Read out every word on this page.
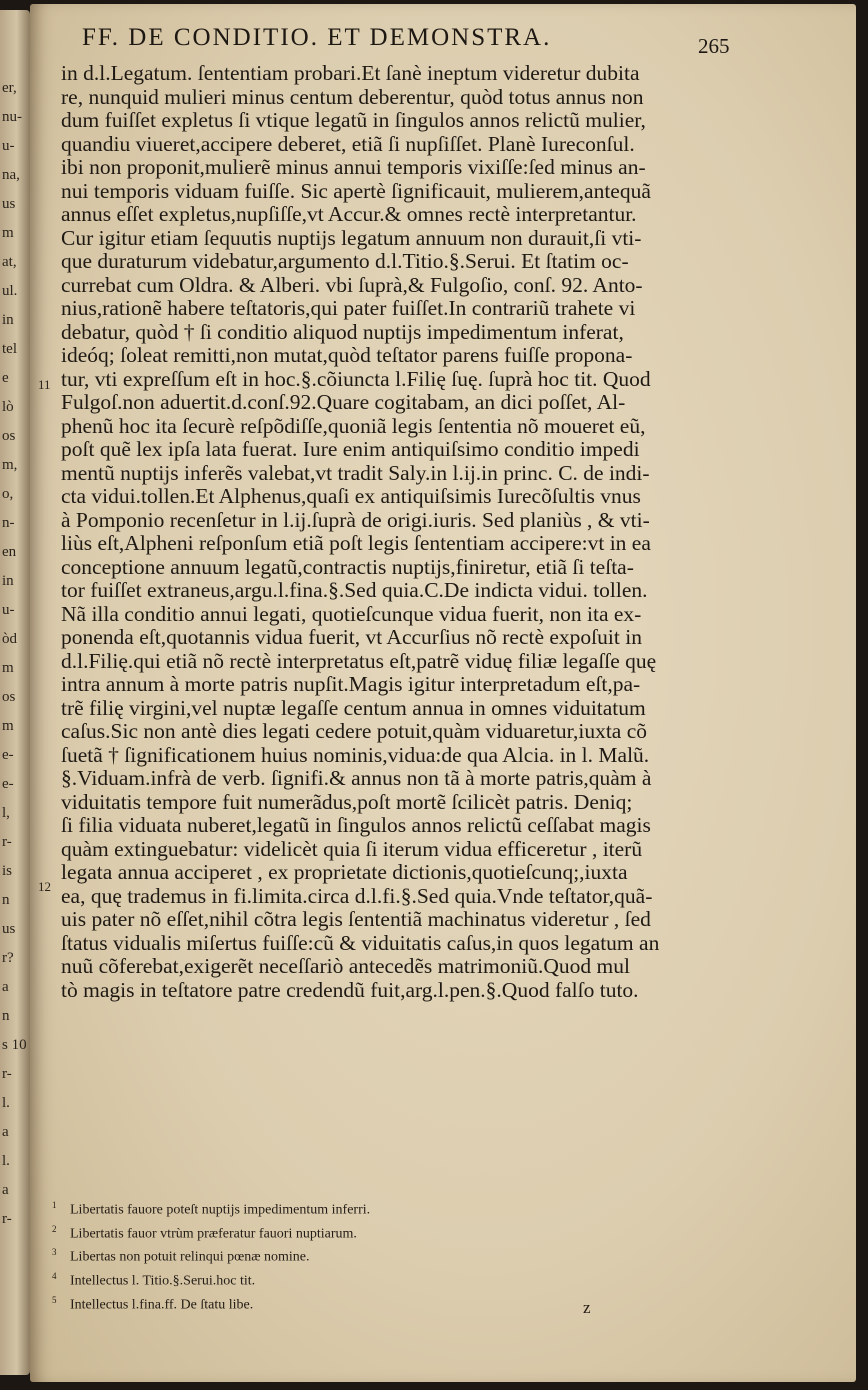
er,
nu-
u-
na,
us
m
at,
ul.
in
tel
e
lò
os
m,
o,
n-
en
in
u-
òd
m
os
m
e-
e-
l,
r-
is
n
us
r?
a
n
s 10
r-
l.
a
l.
a
r-
FF. DE CONDITIO. ET DEMONSTRA.	265
11
12
in d.l.Legatum. ſententiam probari.Et ſanè ineptum videretur dubita
re, nunquid mulieri minus centum deberentur, quòd totus annus non
dum fuiſſet expletus ſi vtique legatũ in ſingulos annos relictũ mulier,
quandiu viueret,accipere deberet, etiã ſi nupſiſſet. Planè Iureconſul.
ibi non proponit,mulierẽ minus annui temporis vixiſſe:ſed minus an-
nui temporis viduam fuiſſe. Sic apertè ſignificauit, mulierem,antequã
annus eſſet expletus,nupſiſſe,vt Accur.& omnes rectè interpretantur.
Cur igitur etiam ſequutis nuptijs legatum annuum non durauit,ſi vti-
que duraturum videbatur,argumento d.l.Titio.§.Serui. Et ſtatim oc-
currebat cum Oldra. & Alberi. vbi ſuprà,& Fulgoſio, conſ. 92. Anto-
nius,rationẽ habere teſtatoris,qui pater fuiſſet.In contrariũ trahete vi
debatur, quòd † ſi conditio aliquod nuptijs impedimentum inferat,
ideóq; ſoleat remitti,non mutat,quòd teſtator parens fuiſſe proponа-
tur, vti expreſſum eſt in hoc.§.cõiuncta l.Filię ſuę. ſuprà hoc tit. Quod
Fulgoſ.non aduertit.d.conſ.92.Quare cogitabam, an dici poſſet, Al-
phenũ hoc ita ſecurè reſpõdiſſe,quoniã legis ſententia nõ moueret eũ,
poſt quẽ lex ipſa lata fuerat. Iure enim antiquiſsimo conditio impedi
mentũ nuptijs inferẽs valebat,vt tradit Saly.in l.ij.in princ. C. de indi-
cta vidui.tollen.Et Alphenus,quaſi ex antiquiſsimis Iurecõſultis vnus
à Pomponio recenſetur in l.ij.ſuprà de origi.iuris. Sed planiùs , & vti-
liùs eſt,Alpheni reſponſum etiã poſt legis ſententiam accipere:vt in ea
conceptione annuum legatũ,contractis nuptijs,finiretur, etiã ſi teſta-
tor fuiſſet extraneus,argu.l.fina.§.Sed quia.C.De indicta vidui. tollen.
Nã illa conditio annui legati, quotieſcunque vidua fuerit, non ita ex-
ponenda eſt,quotannis vidua fuerit, vt Accurſius nõ rectè expoſuit in
d.l.Filię.qui etiã nõ rectè interpretatus eſt,patrẽ viduę filiæ legaſſe quę
intra annum à morte patris nupſit.Magis igitur interpretadum eſt,pa-
trẽ filię virgini,vel nuptæ legaſſe centum annua in omnes viduitatum
caſus.Sic non antè dies legati cedere potuit,quàm viduaretur,iuxta cõ
ſuetã † ſignificationem huius nominis,vidua:de qua Alcia. in l. Malũ.
§.Viduam.infrà de verb. ſignifi.& annus non tã à morte patris,quàm à
viduitatis tempore fuit numerãdus,poſt mortẽ ſcilicèt patris. Deniq;
ſi filia viduata nuberet,legatũ in ſingulos annos relictũ ceſſabat magis
quàm extinguebatur: videlicèt quia ſi iterum vidua efficeretur , iterũ
legata annua acciperet , ex proprietate dictionis,quotieſcunq;,iuxta
ea, quę trademus in fi.limita.circa d.l.fi.§.Sed quia.Vnde teſtator,quã-
uis pater nõ eſſet,nihil cõtra legis ſententiã machinatus videretur , ſed
ſtatus vidualis miſertus fuiſſe:cũ & viduitatis caſus,in quos legatum an
nuũ cõferebat,exigerẽt neceſſariò antecedẽs matrimoniũ.Quod mul
tò magis in teſtatore patre credendũ fuit,arg.l.pen.§.Quod falſo tuto.
$^1$ Libertatis fauore poteſt nuptijs impedimentum inferri.
$^2$ Libertatis fauor vtrùm præferatur fauori nuptiarum.
$^3$ Libertas non potuit relinqui pœnæ nomine.
$^4$ Intellectus l. Titio.§.Serui.hoc tit.
$^5$ Intellectus l.fina.ff. De ſtatu libe.	z
